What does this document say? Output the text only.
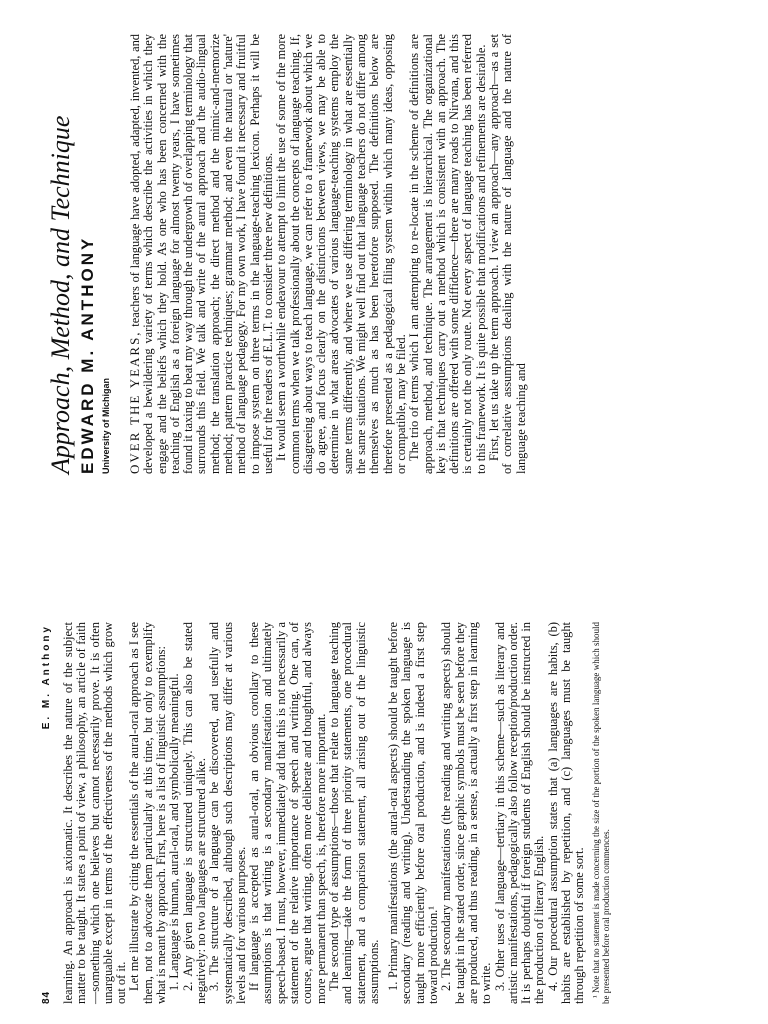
84
E. M. Anthony learning. An approach is axiomatic. It describes the nature of the subject matter to be taught. It states a point of view, a philosophy, an article of faith—something which one believes but cannot necessarily prove. It is often unarguable except in terms of the effectiveness of the methods which grow out of it. Let me illustrate by citing the essentials of the aural-oral approach as I see them, not to advocate them particularly at this time, but only to exemplify what is meant by approach. First, here is a list of linguistic assumptions: 1. Language is human, aural-oral, and symbolically meaningful. 2. Any given language is structured uniquely. This can also be stated negatively: no two languages are structured alike. 3. The structure of a language can be discovered, and usefully and systematically described, although such descriptions may differ at various levels and for various purposes. If language is accepted as aural-oral, an obvious corollary to these assumptions is that writing is a secondary manifestation and ultimately speech-based. I must, however, immediately add that this is not necessarily a statement of the relative importance of speech and writing. One can, of course, argue that writing, often more deliberate and thoughtful, and always more permanent than speech, is, therefore more important. The second type of assumptions—those that relate to language teaching and learning—take the form of three priority statements, one procedural statement, and a comparison statement, all arising out of the linguistic assumptions. 1. Primary manifestations (the aural-oral aspects) should be taught before secondary (reading and writing). Understanding the spoken language is taught more efficiently before oral production, and is indeed a first step toward production.¹ 2. The secondary manifestations (the reading and writing aspects) should be taught in the stated order, since graphic symbols must be seen before they are produced, and thus reading, in a sense, is actually a first step in learning to write. 3. Other uses of language—tertiary in this scheme—such as literary and artistic manifestations, pedagogically also follow reception/production order. It is perhaps doubtful if foreign students of English should be instructed in the production of literary English. 4. Our procedural assumption states that (a) languages are habits, (b) habits are established by repetition, and (c) languages must be taught through repetition of some sort. ¹ Note that no statement is made concerning the size of the portion of the spoken language which should be presented before oral production commences.

Approach, Method, and Technique EDWARD M. ANTHONY University of Michigan OVER THE YEARS, teachers of language have adopted, adapted, invented, and developed a bewildering variety of terms which describe the activities in which they engage and the beliefs which they hold. As one who has been concerned with the teaching of English as a foreign language for almost twenty years, I have sometimes found it taxing to beat my way through the undergrowth of overlapping terminology that surrounds this field. We talk and write of the aural approach and the audio-lingual method; the translation approach; the direct method and the mimic-and-memorize method; pattern practice techniques; grammar method; and even the natural or 'nature' method of language pedagogy. For my own work, I have found it necessary and fruitful to impose system on three terms in the language-teaching lexicon. Perhaps it will be useful for the readers of E.L.T. to consider three new definitions. It would seem a worthwhile endeavour to attempt to limit the use of some of the more common terms when we talk professionally about the concepts of language teaching. If, disagreeing about ways to teach language, we can refer to a framework about which we do agree, and focus clearly on the distinctions between views, we may be able to determine in what areas advocates of various language-teaching systems employ the same terms differently, and where we use differing terminology in what are essentially the same situations. We might well find out that language teachers do not differ among themselves as much as has been heretofore supposed. The definitions below are therefore presented as a pedagogical filing system within which many ideas, opposing or compatible, may be filed. The trio of terms which I am attempting to re-locate in the scheme of definitions are approach, method, and technique. The arrangement is hierarchical. The organizational key is that techniques carry out a method which is consistent with an approach. The definitions are offered with some diffidence—there are many roads to Nirvana, and this is certainly not the only route. Not every aspect of language teaching has been referred to this framework. It is quite possible that modifications and refinements are desirable. First, let us take up the term approach. I view an approach—any approach—as a set of correlative assumptions dealing with the nature of language and the nature of language teaching and
